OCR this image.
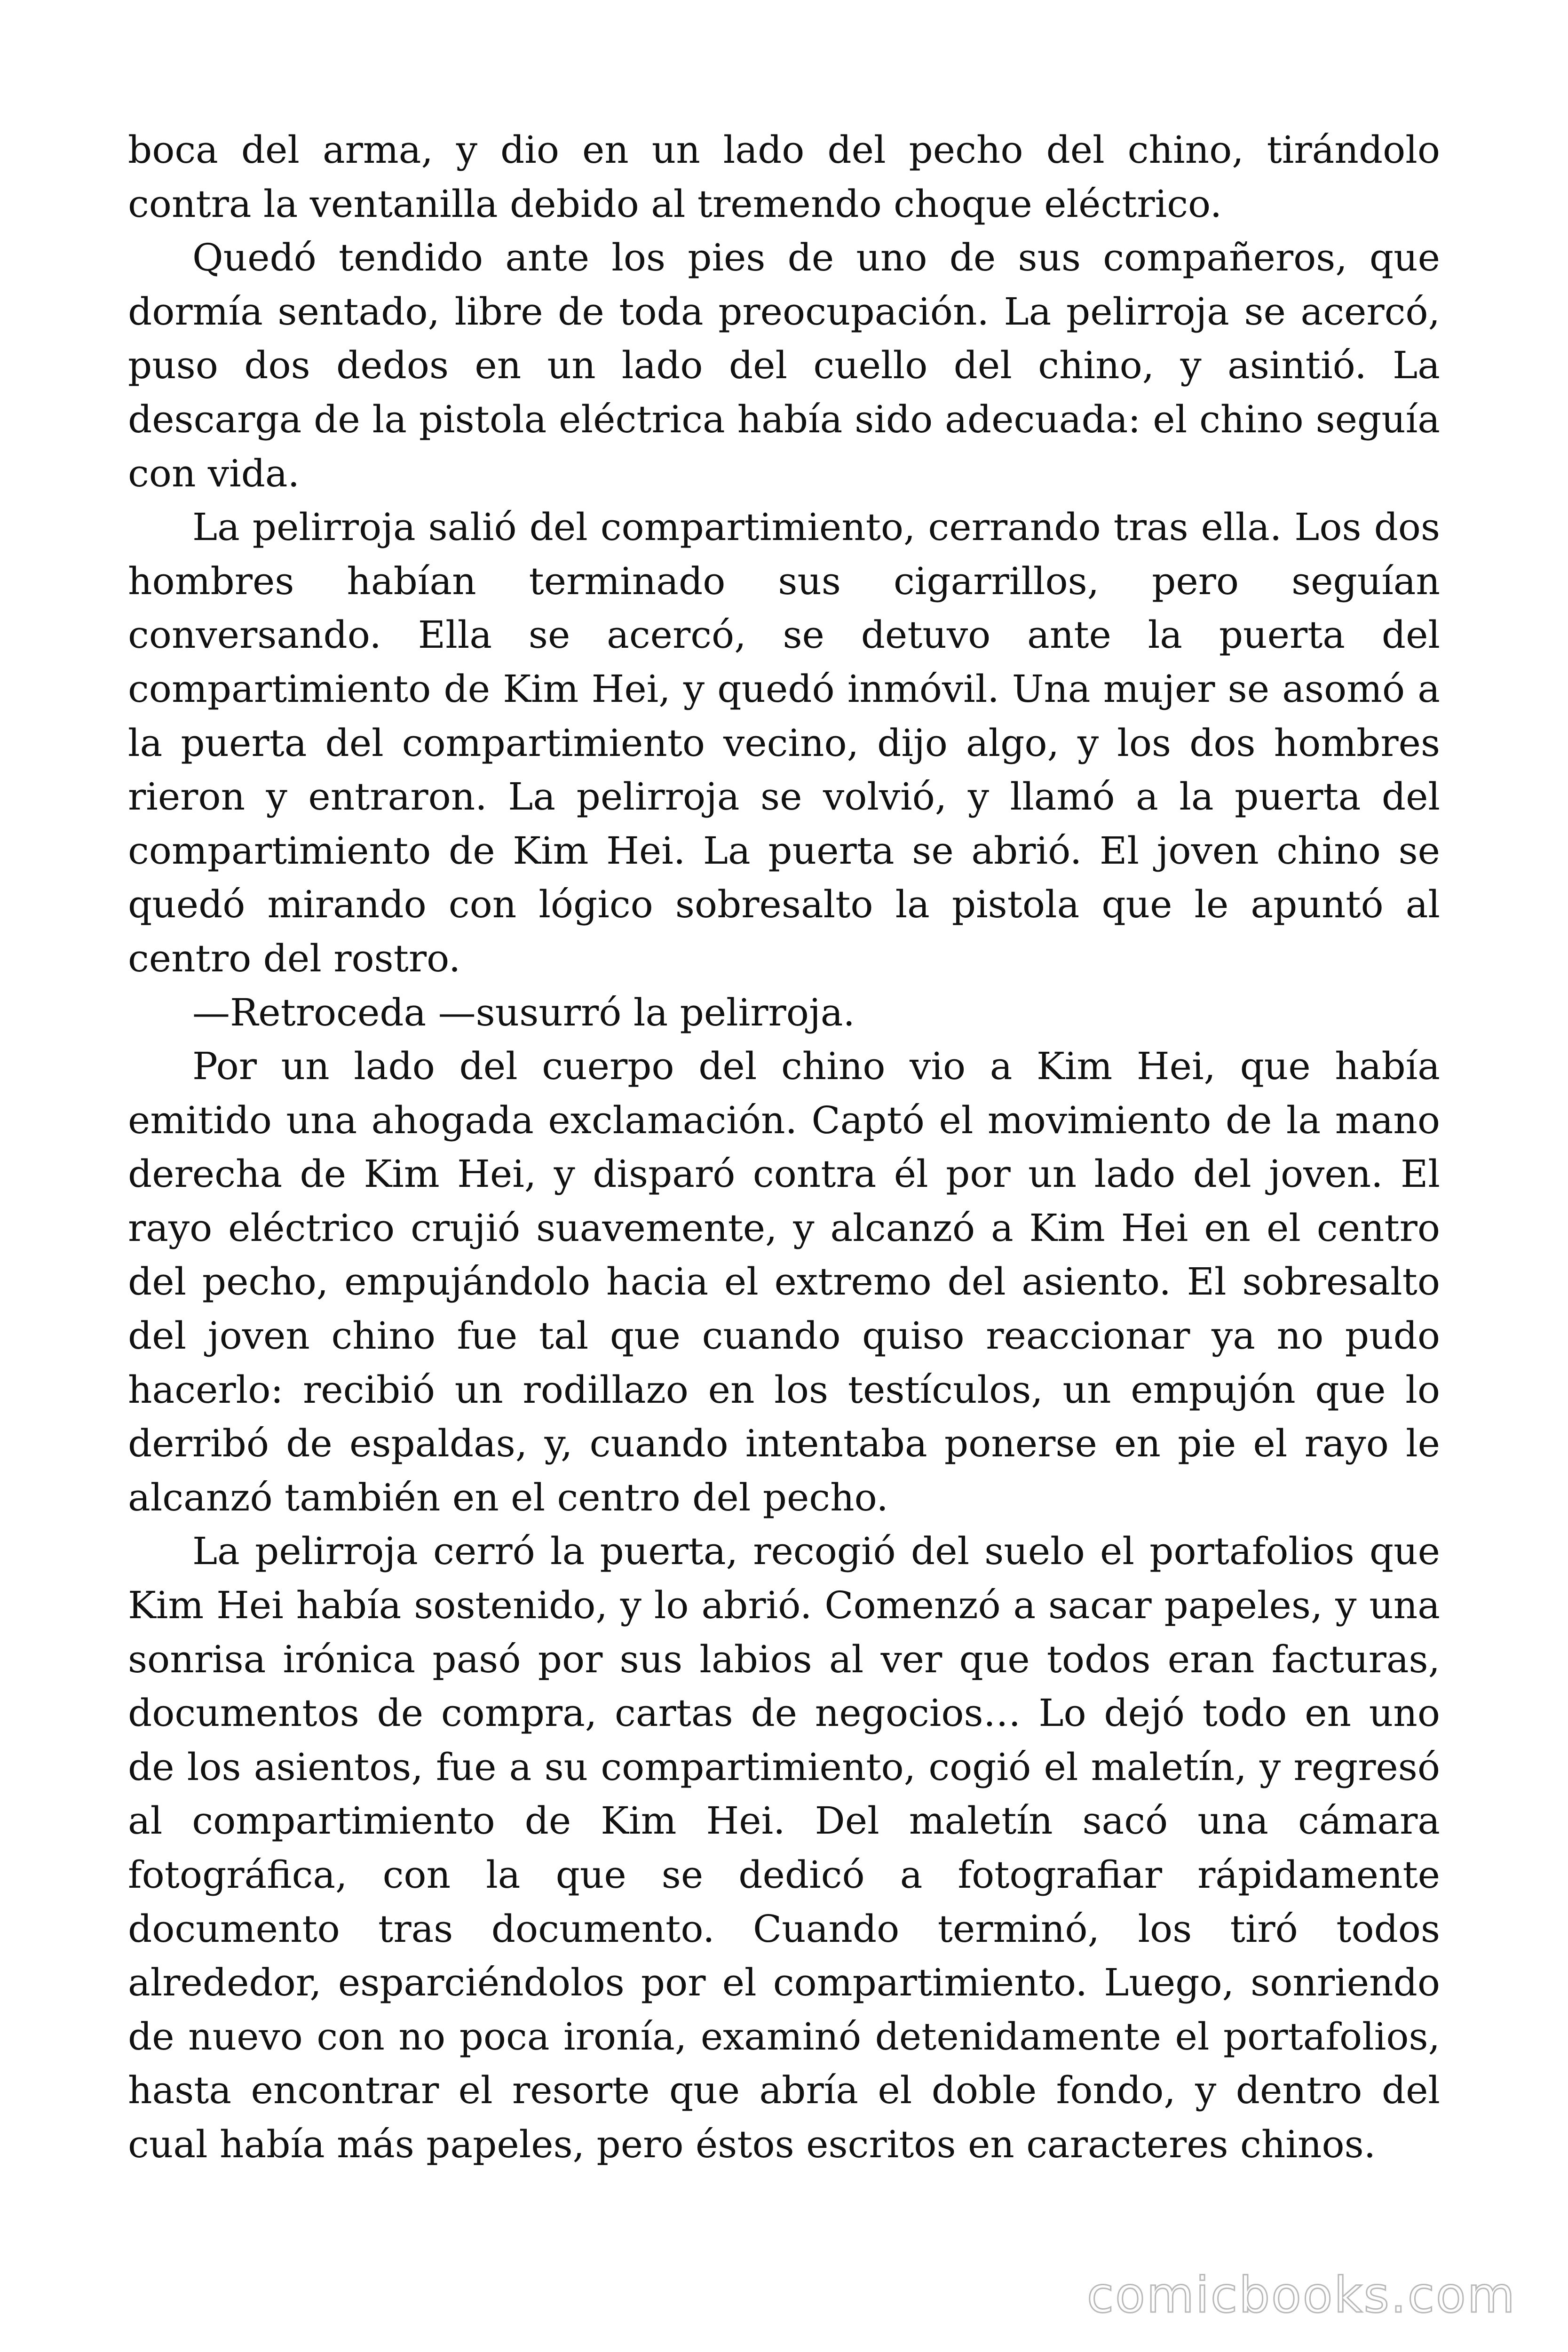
boca del arma, y dio en un lado del pecho del chino, tirándolo contra la ventanilla debido al tremendo choque eléctrico.

Quedó tendido ante los pies de uno de sus compañeros, que dormía sentado, libre de toda preocupación. La pelirroja se acercó, puso dos dedos en un lado del cuello del chino, y asintió. La descarga de la pistola eléctrica había sido adecuada: el chino seguía con vida.

La pelirroja salió del compartimiento, cerrando tras ella. Los dos hombres habían terminado sus cigarrillos, pero seguían conversando. Ella se acercó, se detuvo ante la puerta del compartimiento de Kim Hei, y quedó inmóvil. Una mujer se asomó a la puerta del compartimiento vecino, dijo algo, y los dos hombres rieron y entraron. La pelirroja se volvió, y llamó a la puerta del compartimiento de Kim Hei. La puerta se abrió. El joven chino se quedó mirando con lógico sobresalto la pistola que le apuntó al centro del rostro.

—Retroceda —susurró la pelirroja.

Por un lado del cuerpo del chino vio a Kim Hei, que había emitido una ahogada exclamación. Captó el movimiento de la mano derecha de Kim Hei, y disparó contra él por un lado del joven. El rayo eléctrico crujió suavemente, y alcanzó a Kim Hei en el centro del pecho, empujándolo hacia el extremo del asiento. El sobresalto del joven chino fue tal que cuando quiso reaccionar ya no pudo hacerlo: recibió un rodillazo en los testículos, un empujón que lo derribó de espaldas, y, cuando intentaba ponerse en pie el rayo le alcanzó también en el centro del pecho.

La pelirroja cerró la puerta, recogió del suelo el portafolios que Kim Hei había sostenido, y lo abrió. Comenzó a sacar papeles, y una sonrisa irónica pasó por sus labios al ver que todos eran facturas, documentos de compra, cartas de negocios… Lo dejó todo en uno de los asientos, fue a su compartimiento, cogió el maletín, y regresó al compartimiento de Kim Hei. Del maletín sacó una cámara fotográfica, con la que se dedicó a fotografiar rápidamente documento tras documento. Cuando terminó, los tiró todos alrededor, esparciéndolos por el compartimiento. Luego, sonriendo de nuevo con no poca ironía, examinó detenidamente el portafolios, hasta encontrar el resorte que abría el doble fondo, y dentro del cual había más papeles, pero éstos escritos en caracteres chinos.

comicbooks.com
